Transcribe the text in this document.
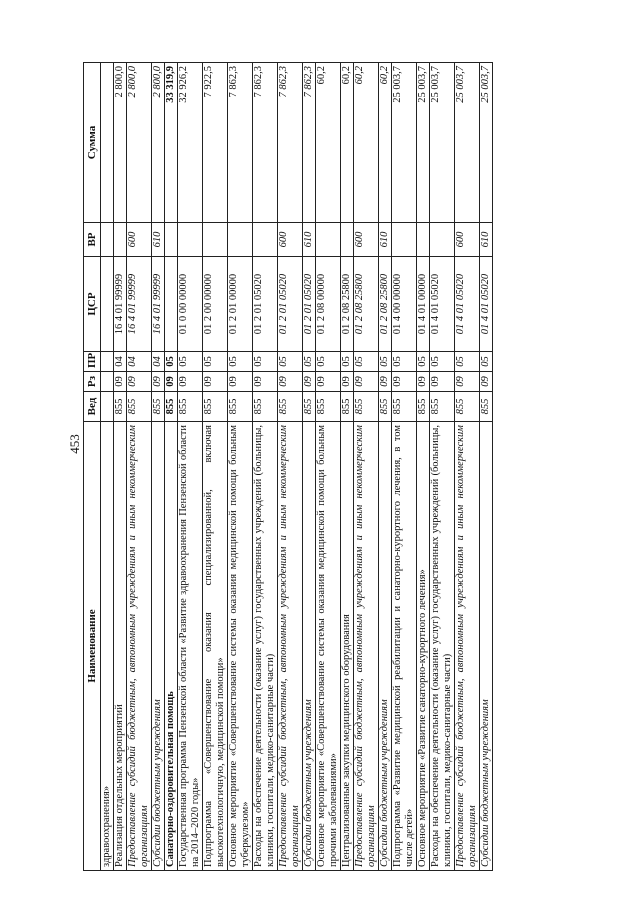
453
Наименование	Вед	Рз	ПР	ЦСР	ВР	Сумма
здравоохранения»						
Реализация отдельных мероприятий	855	09	04	16 4 01 99999		2 800,0
Предоставление субсидий бюджетным, автономным учреждениям и иным некоммерческим организациям	855	09	04	16 4 01 99999	600	2 800,0
Субсидии бюджетным учреждениям	855	09	04	16 4 01 99999	610	2 800,0
Санаторно-оздоровительная помощь	855	09	05			33 319,9
Государственная программа Пензенской области «Развитие здравоохранения Пензенской области на 2014–2020 годы»	855	09	05	01 0 00 00000		32 926,2
Подпрограмма «Совершенствование оказания специализированной, включая высокотехнологичную, медицинской помощи»	855	09	05	01 2 00 00000		7 922,5
Основное мероприятие «Совершенствование системы оказания медицинской помощи больным туберкулезом»	855	09	05	01 2 01 00000		7 862,3
Расходы на обеспечение деятельности (оказание услуг) государственных учреждений (больницы, клиники, госпитали, медико-санитарные части)	855	09	05	01 2 01 05020		7 862,3
Предоставление субсидий бюджетным, автономным учреждениям и иным некоммерческим организациям	855	09	05	01 2 01 05020	600	7 862,3
Субсидии бюджетным учреждениям	855	09	05	01 2 01 05020	610	7 862,3
Основное мероприятие «Совершенствование системы оказания медицинской помощи больным прочими заболеваниями»	855	09	05	01 2 08 00000		60,2
Централизованные закупки медицинского оборудования	855	09	05	01 2 08 25800		60,2
Предоставление субсидий бюджетным, автономным учреждениям и иным некоммерческим организациям	855	09	05	01 2 08 25800	600	60,2
Субсидии бюджетным учреждениям	855	09	05	01 2 08 25800	610	60,2
Подпрограмма «Развитие медицинской реабилитации и санаторно-курортного лечения, в том числе детей»	855	09	05	01 4 00 00000		25 003,7
Основное мероприятие «Развитие санаторно-курортного лечения»	855	09	05	01 4 01 00000		25 003,7
Расходы на обеспечение деятельности (оказание услуг) государственных учреждений (больницы, клиники, госпитали, медико-санитарные части)	855	09	05	01 4 01 05020		25 003,7
Предоставление субсидий бюджетным, автономным учреждениям и иным некоммерческим организациям	855	09	05	01 4 01 05020	600	25 003,7
Субсидии бюджетным учреждениям	855	09	05	01 4 01 05020	610	25 003,7
